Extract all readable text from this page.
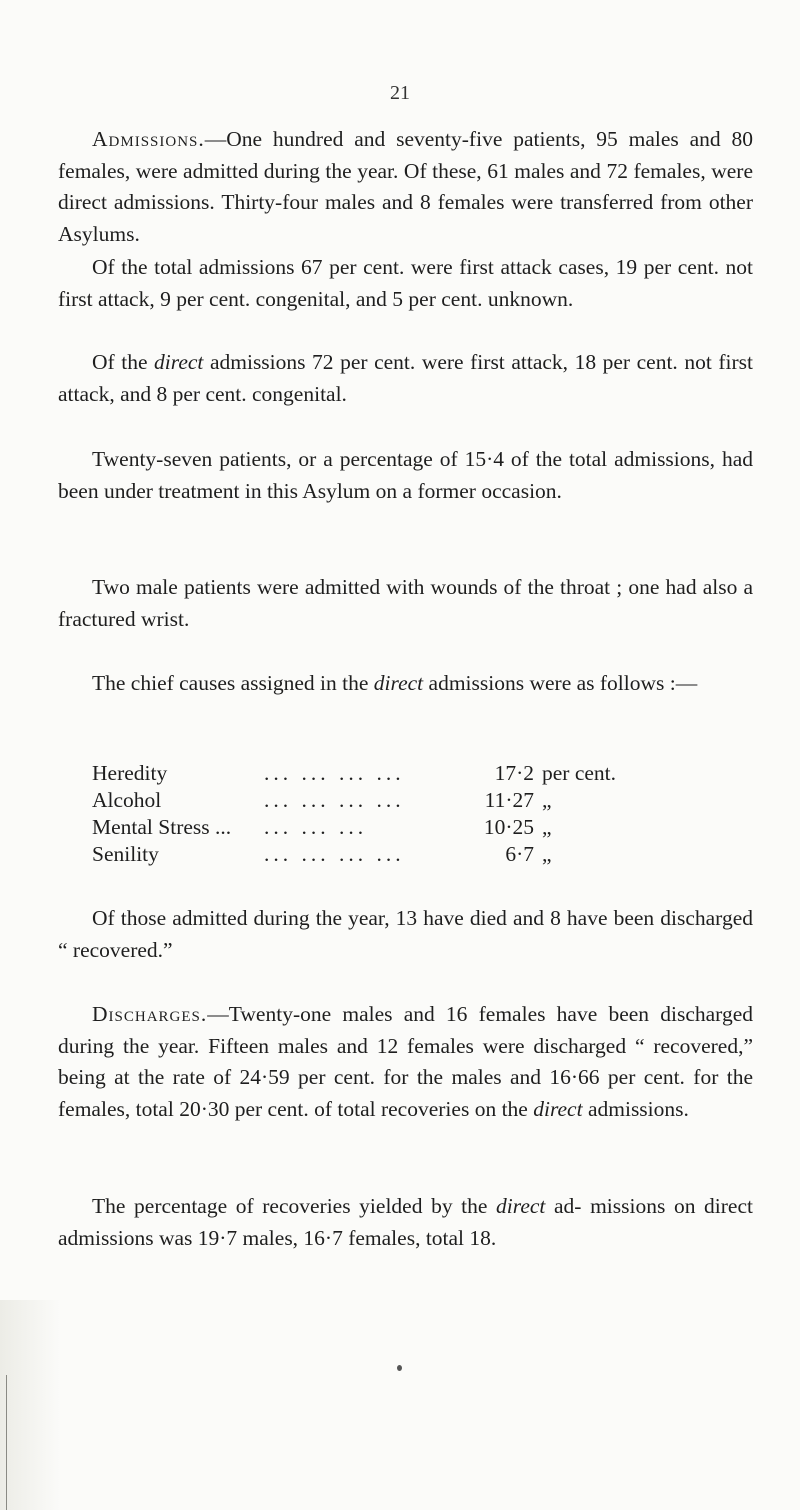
21

Admissions.—One hundred and seventy-five patients, 95 males and 80 females, were admitted during the year. Of these, 61 males and 72 females, were direct admissions. Thirty-four males and 8 females were transferred from other Asylums.

Of the total admissions 67 per cent. were first attack cases, 19 per cent. not first attack, 9 per cent. congenital, and 5 per cent. unknown.

Of the direct admissions 72 per cent. were first attack, 18 per cent. not first attack, and 8 per cent. congenital.

Twenty-seven patients, or a percentage of 15·4 of the total admissions, had been under treatment in this Asylum on a former occasion.

Two male patients were admitted with wounds of the throat ; one had also a fractured wrist.

The chief causes assigned in the direct admissions were as follows :—

Heredity	... ... ... ...	17·2 per cent.
Alcohol	... ... ... ...	11·27 „
Mental Stress ... ... ... ...	10·25 „
Senility	... ... ... ...	6·7 „

Of those admitted during the year, 13 have died and 8 have been discharged “ recovered.”

Discharges.—Twenty-one males and 16 females have been discharged during the year. Fifteen males and 12 females were discharged “ recovered,” being at the rate of 24·59 per cent. for the males and 16·66 per cent. for the females, total 20·30 per cent. of total recoveries on the direct admissions.

The percentage of recoveries yielded by the direct ad- missions on direct admissions was 19·7 males, 16·7 females, total 18.
